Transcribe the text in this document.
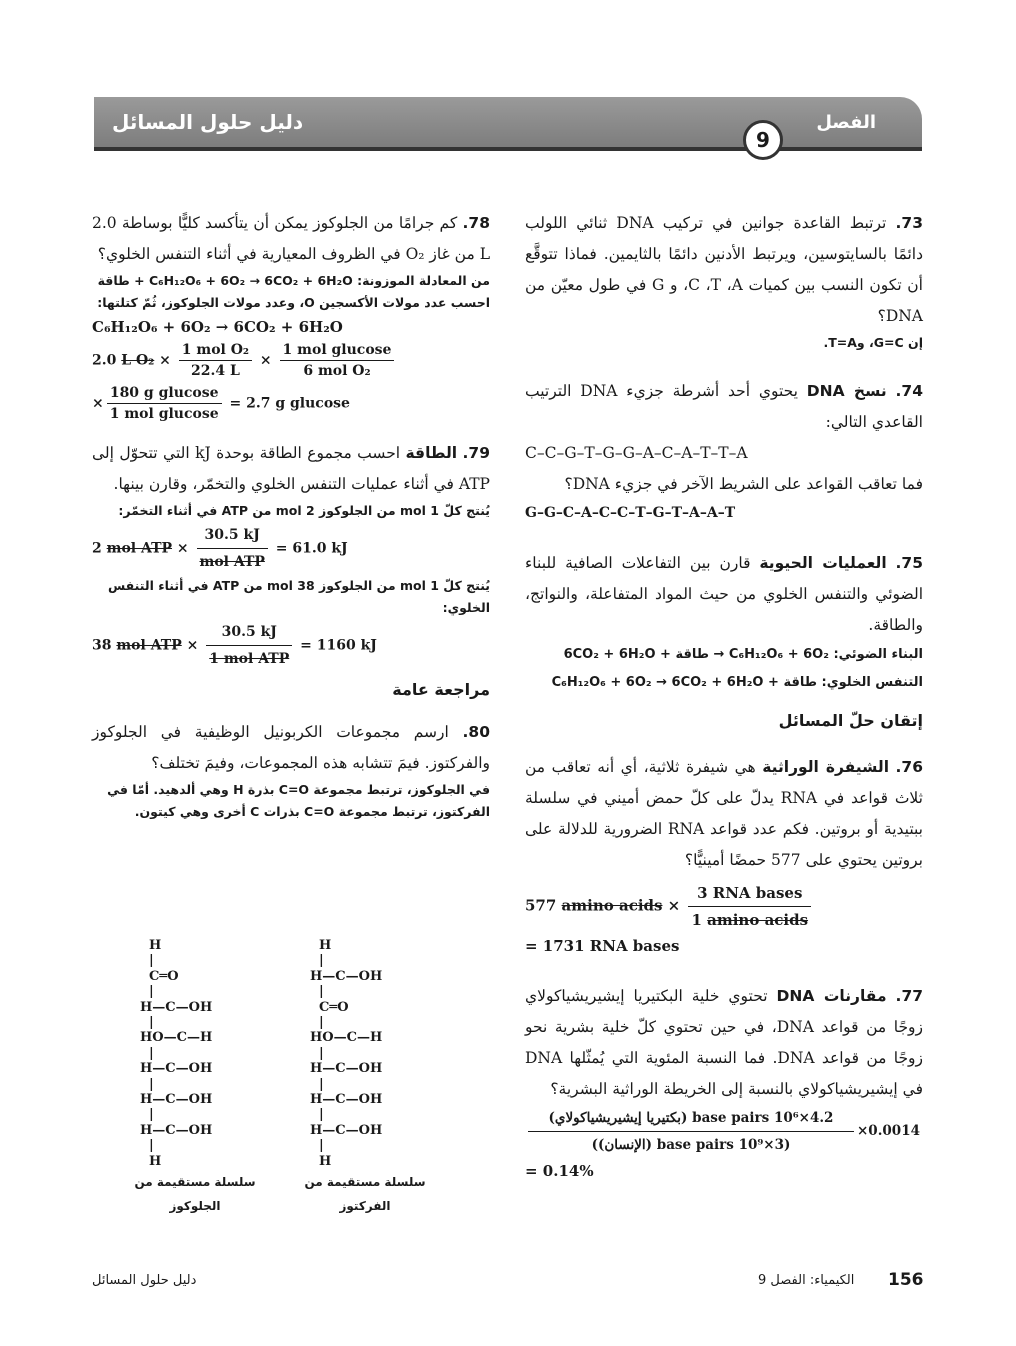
دليل حلول المسائل	الفصل
9
73. ترتبط القاعدة جوانين في تركيب DNA ثنائي اللولب دائمًا بالسايتوسين، ويرتبط الأدنين دائمًا بالثايمين. فماذا تتوقَّع أن تكون النسب بين كميات C ،T ،A، و G في طول معيّن من DNA؟
إن G=C، وT=A.
74. نسخ DNA يحتوي أحد أشرطة جزيء DNA الترتيب القاعدي التالي:
C–C–G–T–G–G–A–C–A–T–T–A
فما تعاقب القواعد على الشريط الآخر في جزيء DNA؟
G–G–C–A–C–C–T–G–T–A–A–T
75. العمليات الحيوية قارن بين التفاعلات الصافية للبناء الضوئي والتنفس الخلوي من حيث المواد المتفاعلة، والنواتج، والطاقة.
البناء الضوئي: 6CO₂ + 6H₂O + طاقة → C₆H₁₂O₆ + 6O₂
التنفس الخلوي: C₆H₁₂O₆ + 6O₂ → 6CO₂ + 6H₂O + طاقة
إتقان حلّ المسائل
76. الشيفرة الوراثية هي شيفرة ثلاثية، أي أنه تعاقب من ثلاث قواعد في RNA يدلّ على كلّ حمض أميني في سلسلة ببتيدية أو بروتين. فكم عدد قواعد RNA الضرورية للدلالة على بروتين يحتوي على 577 حمضًا أمينيًّا؟
577 amino acids × $\frac{\text{3 RNA bases}}{\text{1 amino acids}}$
= 1731 RNA bases
77. مقارنات DNA تحتوي خلية البكتيريا إيشيريشياكولاي زوجًا من قواعد DNA، في حين تحتوي كلّ خلية بشرية نحو زوجًا من قواعد DNA. فما النسبة المئوية التي يُمثّلها DNA في إيشيريشياكولاي بالنسبة إلى الخريطة الوراثية البشرية؟
$\frac{\text{4.2×10⁶ base pairs (بكتيريا إيشيريشياكولاي)}}{\text{(3×10⁹ base pairs (الإنسان))}} \times 0.0014$
= 0.14%
78. كم جرامًا من الجلوكوز يمكن أن يتأكسد كليًّا بوساطة 2.0 L من غاز O₂ في الظروف المعيارية في أثناء التنفس الخلوي؟
من المعادلة الموزونة: C₆H₁₂O₆ + 6O₂ → 6CO₂ + 6H₂O + طاقة
احسب عدد مولات الأكسجين O، وعدد مولات الجلوكوز، ثُمّ كتلتها:
C₆H₁₂O₆ + 6O₂ → 6CO₂ + 6H₂O
2.0 L $O_2 \times \frac{\text{1 mol O₂}}{22.4 L} \times \frac{\text{1 mol glucose}}{\text{6 mol O₂}}$
× $\frac{\text{180 g glucose}}{\text{1 mol glucose}} = 2.7$ g glucose
79. الطاقة احسب مجموع الطاقة بوحدة kJ التي تتحوّل إلى ATP في أثناء عمليات التنفس الخلوي والتخمّر، وقارن بينها.
يُنتج كلّ 1 mol من الجلوكوز 2 mol من ATP في أثناء التخمّر:
2 mol ATP × $\frac{30.5 kJ}{\text{mol ATP}} = 61.0$ kJ
يُنتج كلّ 1 mol من الجلوكوز 38 mol من ATP في أثناء التنفس الخلوي:
38 mol ATP × $\frac{30.5 kJ}{\text{1 mol ATP}} = 1160$ kJ
مراجعة عامة
80. ارسم مجموعات الكربونيل الوظيفية في الجلوكوز والفركتوز. فيمَ تتشابه هذه المجموعات، وفيمَ تختلف؟
في الجلوكوز، ترتبط مجموعة C=O بذرة H وهي ألدهيد. أمّا في الفركتوز، ترتبط مجموعة C=O بذرات C أخرى وهي كيتون.
H
|
C═O
|
H—C—OH
|
HO—C—H
|
H—C—OH
|
H—C—OH
|
H—C—OH
|
H
H
|
H—C—OH
|
C═O
|
HO—C—H
|
H—C—OH
|
H—C—OH
|
H—C—OH
|
H
سلسلة مستقيمة من الجلوكوز
سلسلة مستقيمة من الفركتوز
دليل حلول المسائل	الكيمياء: الفصل 9 156
